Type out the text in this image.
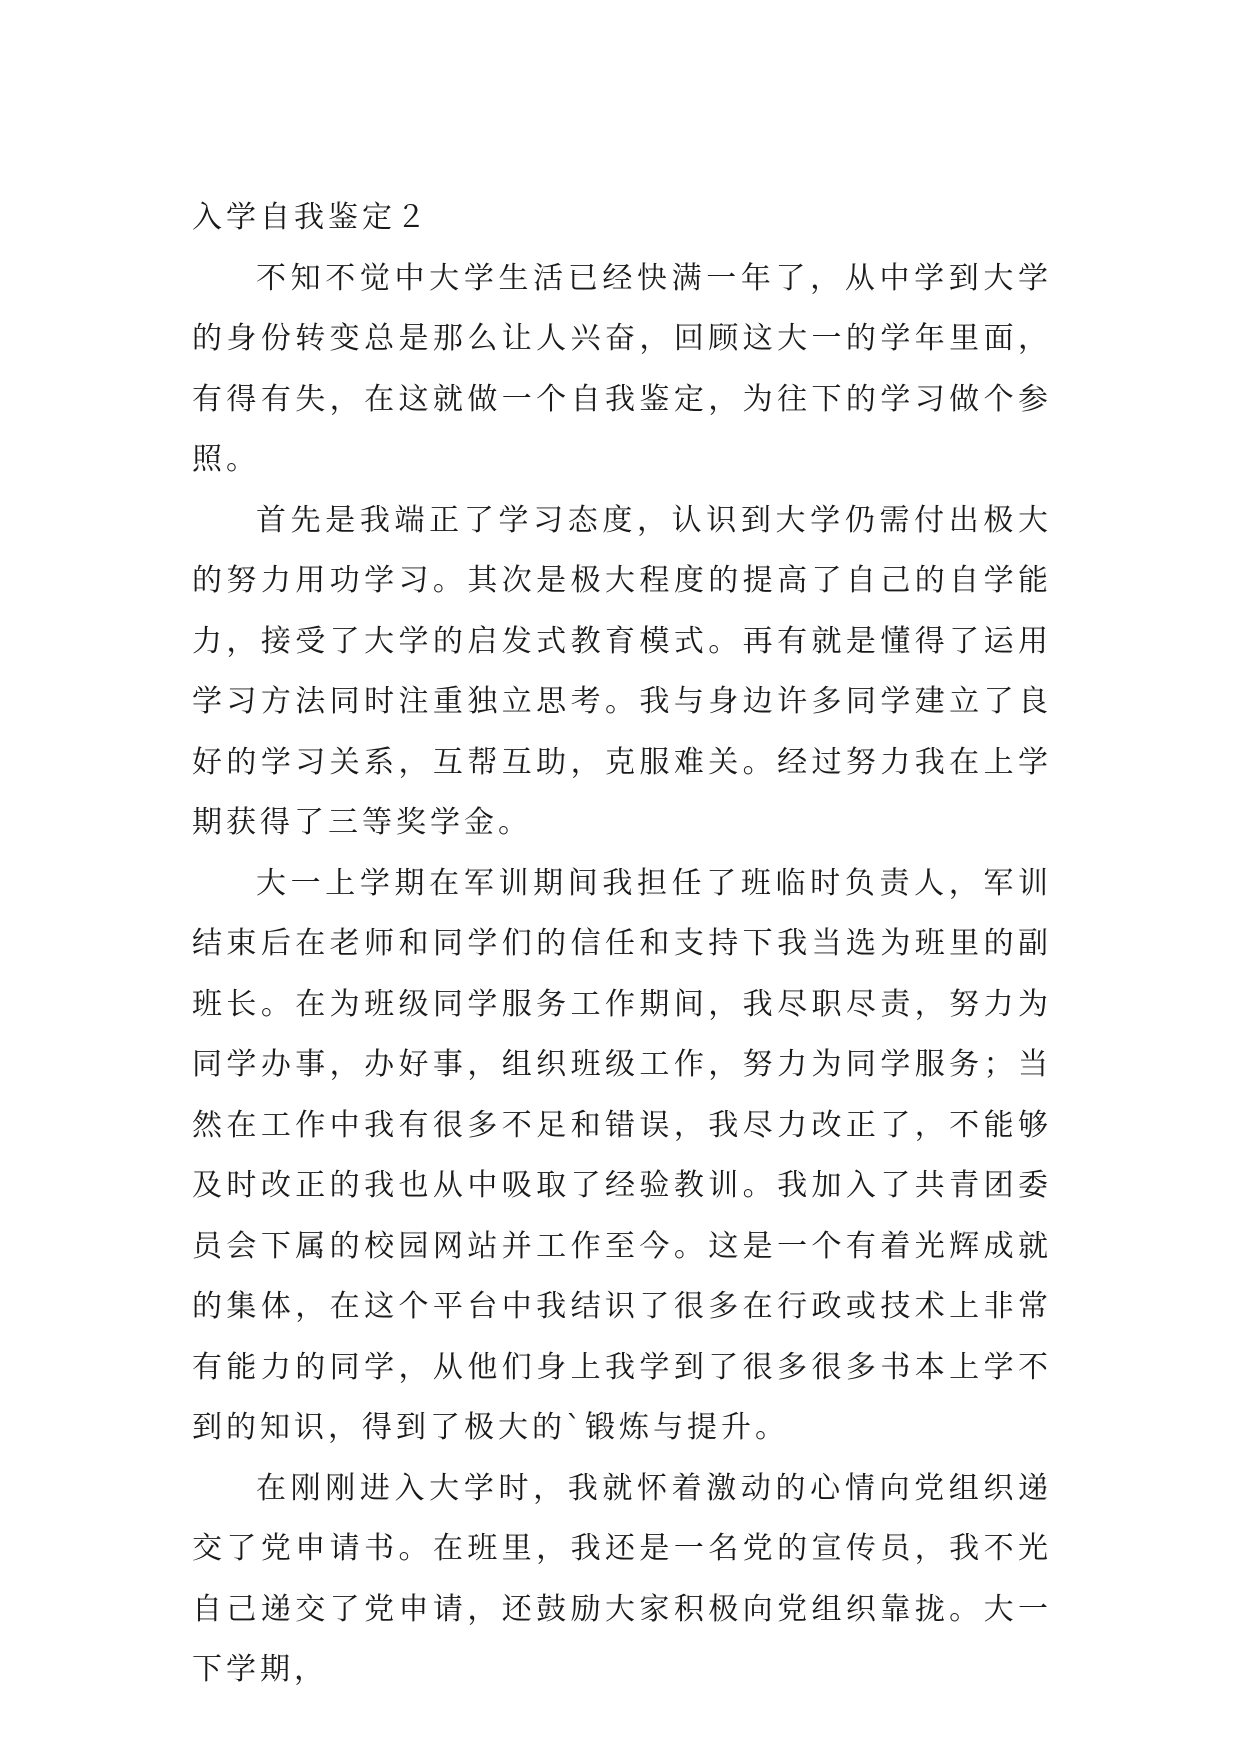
入学自我鉴定２

不知不觉中大学生活已经快满一年了，从中学到大学的身份转变总是那么让人兴奋，回顾这大一的学年里面，有得有失，在这就做一个自我鉴定，为往下的学习做个参照。

首先是我端正了学习态度，认识到大学仍需付出极大的努力用功学习。其次是极大程度的提高了自己的自学能力，接受了大学的启发式教育模式。再有就是懂得了运用学习方法同时注重独立思考。我与身边许多同学建立了良好的学习关系，互帮互助，克服难关。经过努力我在上学期获得了三等奖学金。

大一上学期在军训期间我担任了班临时负责人，军训结束后在老师和同学们的信任和支持下我当选为班里的副班长。在为班级同学服务工作期间，我尽职尽责，努力为同学办事，办好事，组织班级工作，努力为同学服务；当然在工作中我有很多不足和错误，我尽力改正了，不能够及时改正的我也从中吸取了经验教训。我加入了共青团委员会下属的校园网站并工作至今。这是一个有着光辉成就的集体，在这个平台中我结识了很多在行政或技术上非常有能力的同学，从他们身上我学到了很多很多书本上学不到的知识，得到了极大的`锻炼与提升。

在刚刚进入大学时，我就怀着激动的心情向党组织递交了党申请书。在班里，我还是一名党的宣传员，我不光自己递交了党申请，还鼓励大家积极向党组织靠拢。大一下学期，
